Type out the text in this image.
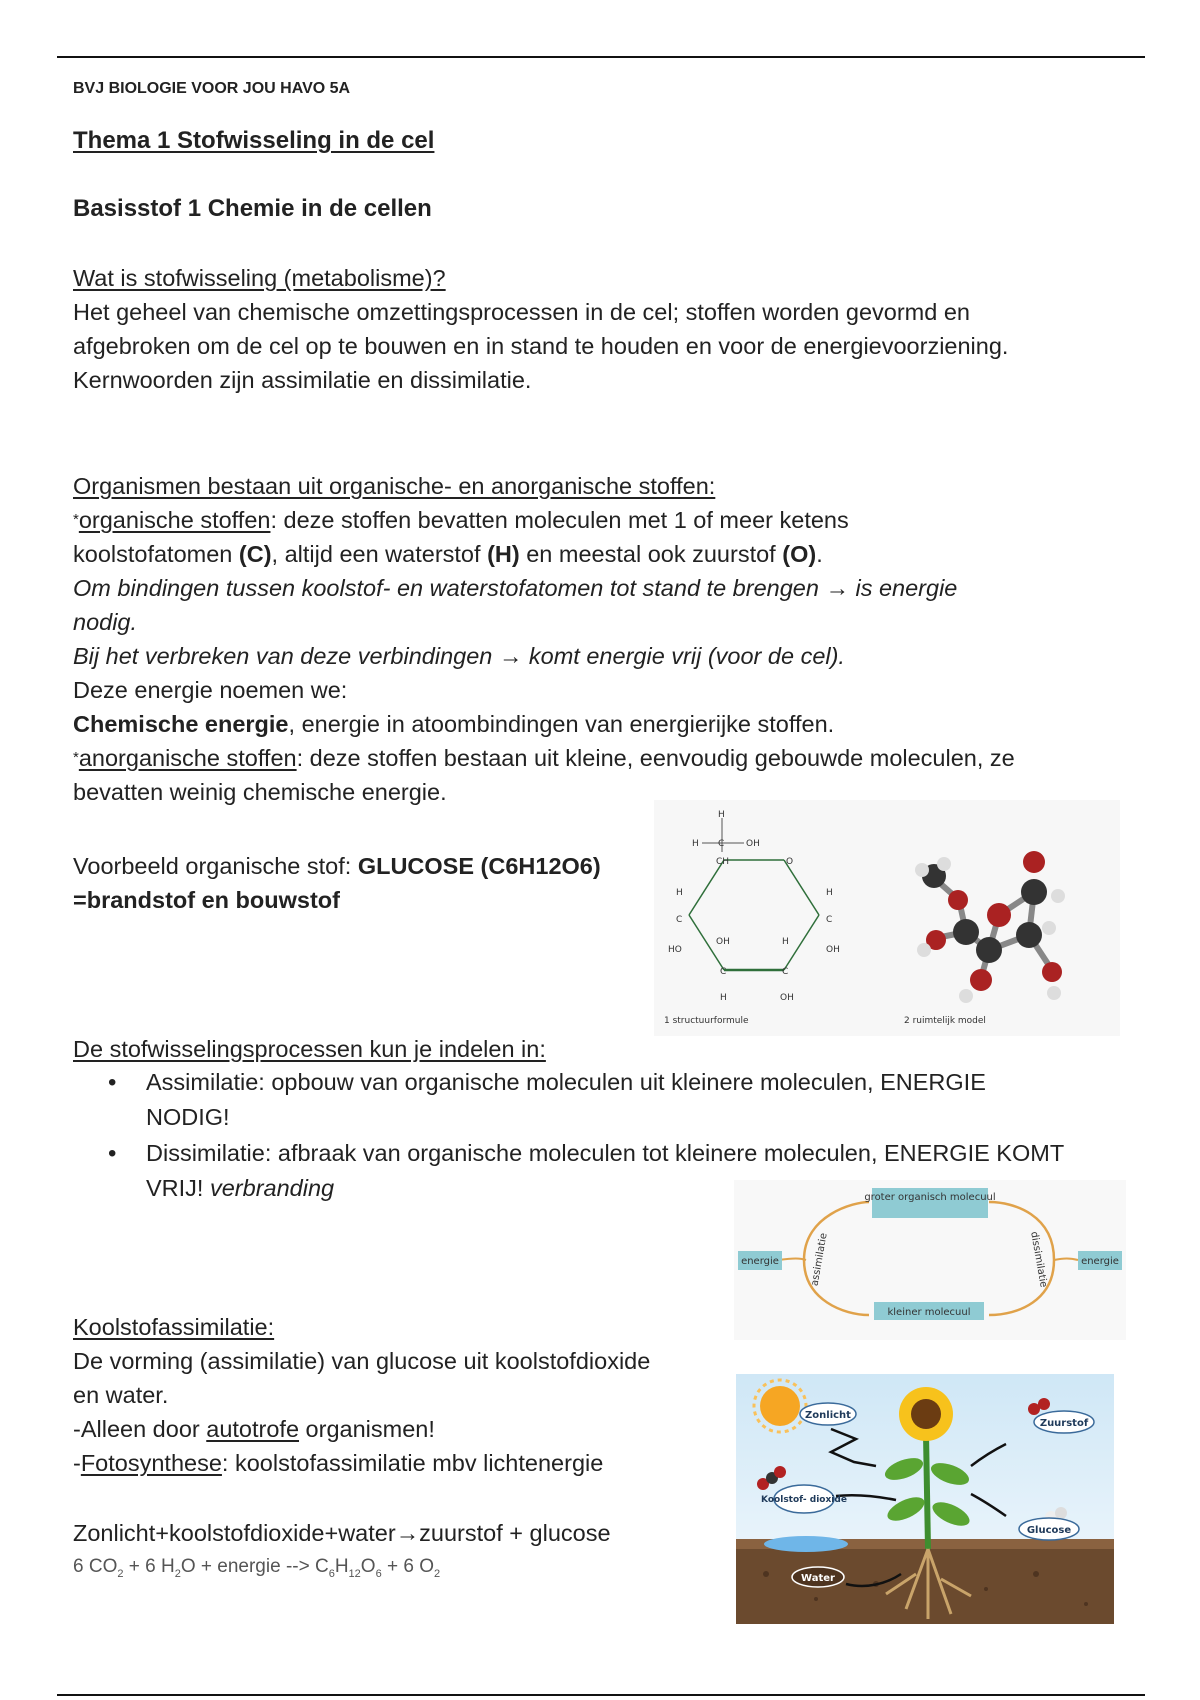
BVJ BIOLOGIE VOOR JOU HAVO 5A
Thema 1 Stofwisseling in de cel
Basisstof 1 Chemie in de cellen
Wat is stofwisseling (metabolisme)?
Het geheel van chemische omzettingsprocessen in de cel; stoffen worden gevormd en
afgebroken om de cel op te bouwen en in stand te houden en voor de energievoorziening.
Kernwoorden zijn assimilatie en dissimilatie.
Organismen bestaan uit organische- en anorganische stoffen:
*organische stoffen: deze stoffen bevatten moleculen met 1 of meer ketens
koolstofatomen (C), altijd een waterstof (H) en meestal ook zuurstof (O).
Om bindingen tussen koolstof- en waterstofatomen tot stand te brengen → is energie
nodig.
Bij het verbreken van deze verbindingen → komt energie vrij (voor de cel).
Deze energie noemen we:
Chemische energie, energie in atoombindingen van energierijke stoffen.
*anorganische stoffen: deze stoffen bestaan uit kleine, eenvoudig gebouwde moleculen, ze
bevatten weinig chemische energie.
Voorbeeld organische stof: GLUCOSE (C6H12O6)
=brandstof en bouwstof
H
H C OH
CH	O
H
C
HO
H
C
OH
OH
C
H
H
C
OH
1 structuurformule	2 ruimtelijk model
De stofwisselingsprocessen kun je indelen in:
• Assimilatie: opbouw van organische moleculen uit kleinere moleculen, ENERGIE NODIG!
• Dissimilatie: afbraak van organische moleculen tot kleinere moleculen, ENERGIE KOMT VRIJ! verbranding	groter organisch molecuul
kleiner molecuul
energie	energie
assimilatie	dissimilatie
Koolstofassimilatie:
De vorming (assimilatie) van glucose uit koolstofdioxide
en water.
-Alleen door autotrofe organismen!
-Fotosynthese: koolstofassimilatie mbv lichtenergie
Zonlicht+koolstofdioxide+water→zuurstof + glucose
6 $CO_2 + 6$ $H_2O$ + energie --> $C_6H_{12}O_6 + 6$ $O_2$
Zonlicht
Koolstof- dioxide
Zuurstof
Glucose
Water
